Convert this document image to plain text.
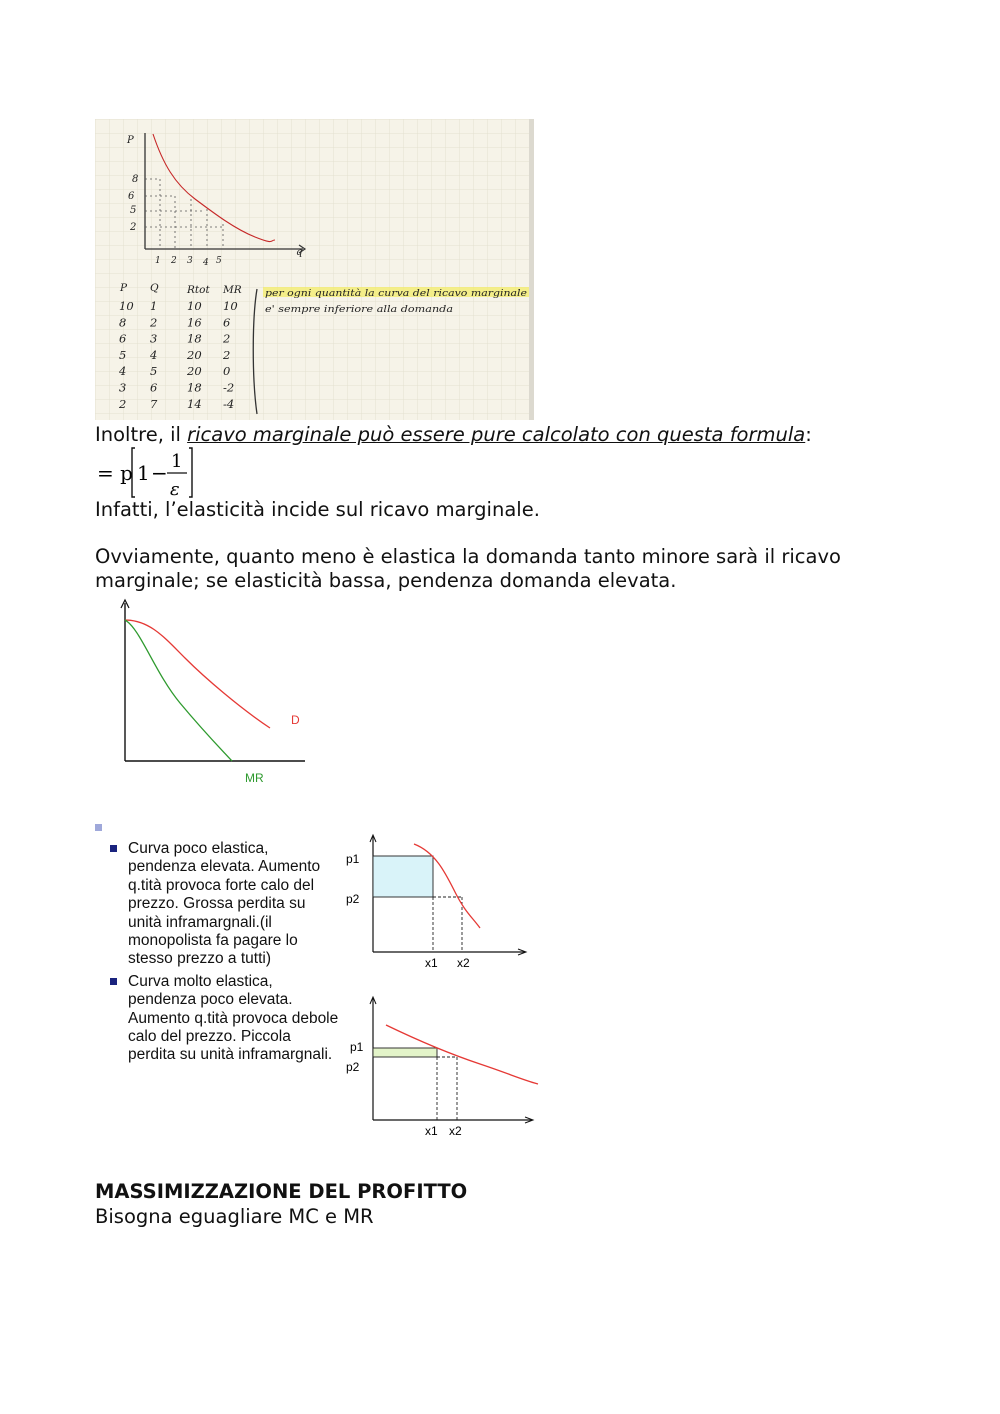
P
q
8
6
5
2
1 2 3 4 5
P Q	Rtot MR
10 1	10 10
8 2	16 6
6 3	18 2
5 4	20 2
4 5	20 0
3 6	18 -2
2 7	14 -4
per ogni quantità la curva del ricavo marginale
e' sempre inferiore alla domanda
Inoltre, il ricavo marginale può essere pure calcolato con questa formula:
= p 1 − 1
ε
Infatti, l’elasticità incide sul ricavo marginale.
Ovviamente, quanto meno è elastica la domanda tanto minore sarà il ricavo
marginale; se elasticità bassa, pendenza domanda elevata.
D
MR
Curva poco elastica, pendenza elevata. Aumento q.tità provoca forte calo del prezzo. Grossa perdita su unità inframargnali.(il monopolista fa pagare lo stesso prezzo a tutti)
Curva molto elastica, pendenza poco elevata. Aumento q.tità provoca debole calo del prezzo. Piccola perdita su unità inframargnali.
p1
p2
x1 x2
p1
p2
x1 x2
MASSIMIZZAZIONE DEL PROFITTO
Bisogna eguagliare MC e MR
